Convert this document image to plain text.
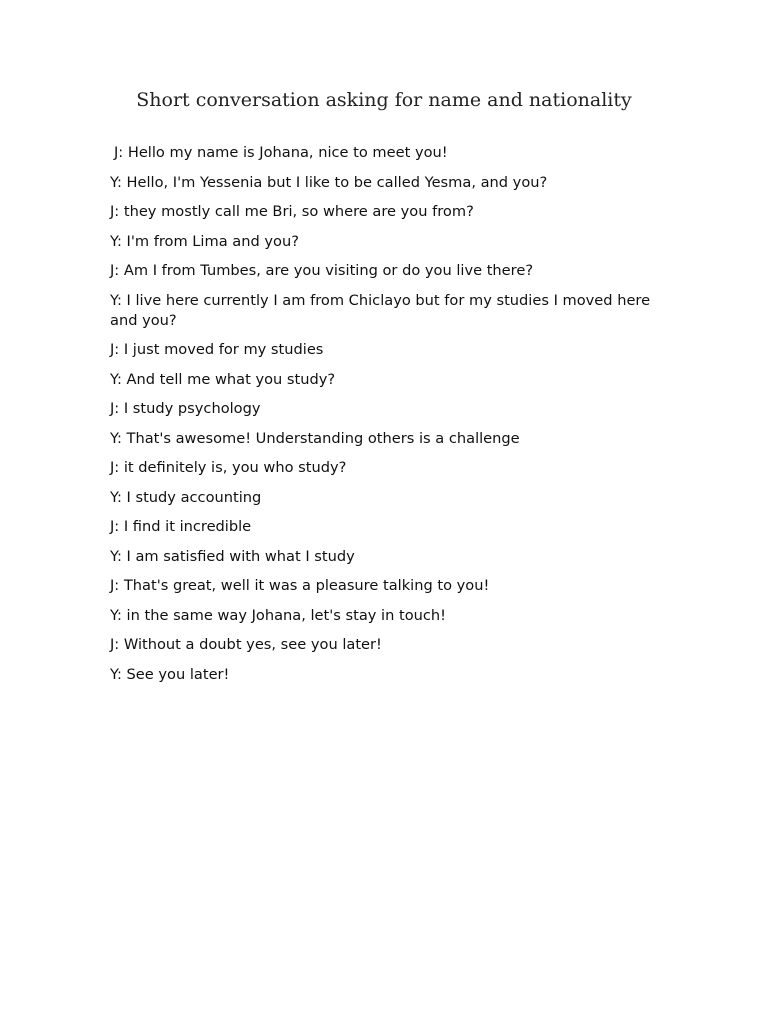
Short conversation asking for name and nationality
J: Hello my name is Johana, nice to meet you!
Y: Hello, I'm Yessenia but I like to be called Yesma, and you?
J: they mostly call me Bri, so where are you from?
Y: I'm from Lima and you?
J: Am I from Tumbes, are you visiting or do you live there?
Y: I live here currently I am from Chiclayo but for my studies I moved here and you?
J: I just moved for my studies
Y: And tell me what you study?
J: I study psychology
Y: That's awesome! Understanding others is a challenge
J: it definitely is, you who study?
Y: I study accounting
J: I find it incredible
Y: I am satisfied with what I study
J: That's great, well it was a pleasure talking to you!
Y: in the same way Johana, let's stay in touch!
J: Without a doubt yes, see you later!
Y: See you later!
